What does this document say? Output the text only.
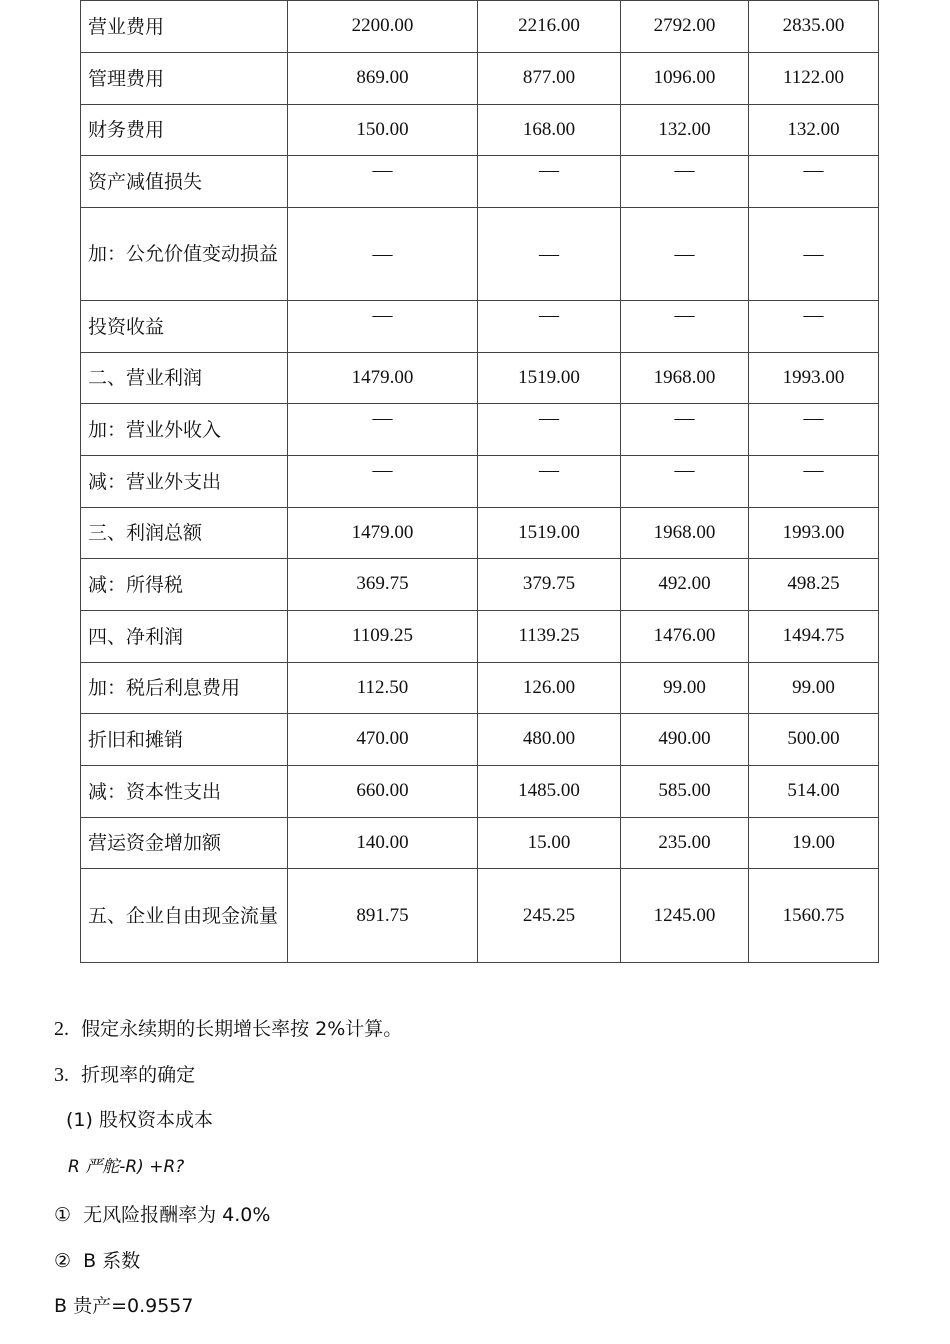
营业费用	2200.00	2216.00	2792.00	2835.00
管理费用	869.00	877.00	1096.00	1122.00
财务费用	150.00	168.00	132.00	132.00
资产减值损失	—	—	—	—
加：公允价值变动损益	—	—	—	—
投资收益	—	—	—	—
二、营业利润	1479.00	1519.00	1968.00	1993.00
加：营业外收入	—	—	—	—
减：营业外支出	—	—	—	—
三、利润总额	1479.00	1519.00	1968.00	1993.00
减：所得税	369.75	379.75	492.00	498.25
四、净利润	1109.25	1139.25	1476.00	1494.75
加：税后利息费用	112.50	126.00	99.00	99.00
折旧和摊销	470.00	480.00	490.00	500.00
减：资本性支出	660.00	1485.00	585.00	514.00
营运资金增加额	140.00	15.00	235.00	19.00
五、企业自由现金流量	891.75	245.25	1245.00	1560.75
2. 假定永续期的长期增长率按 2%计算。
3. 折现率的确定
(1) 股权资本成本
R 严舵-R) +R?
① 无风险报酬率为 4.0%
② B 系数
B 贵产=0.9557
